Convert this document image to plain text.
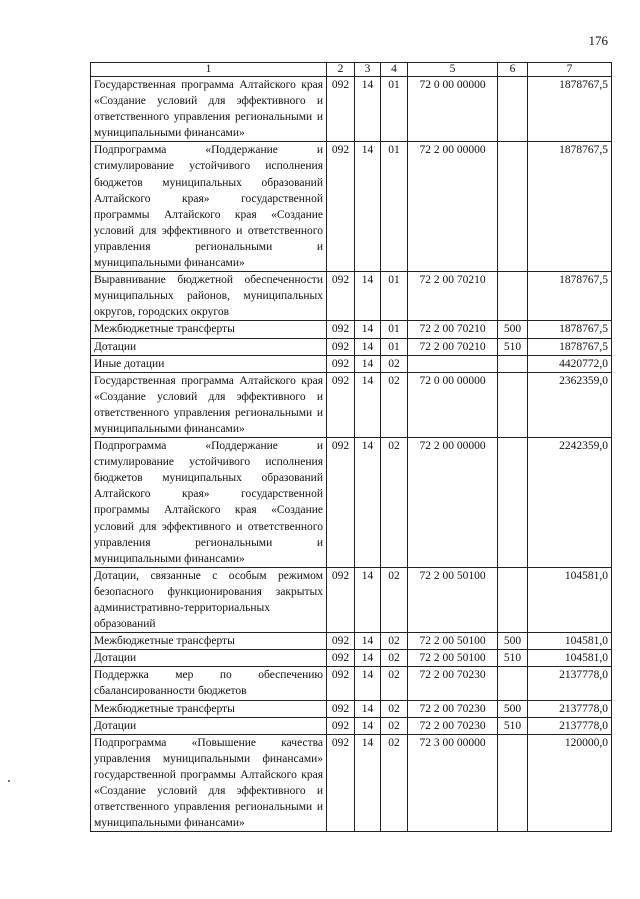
176
1	2	3	4	5	6	7
Государственная программа Алтайского края «Создание условий для эффективного и ответственного управления региональными и муниципальными финансами»	092	14	01	72 0 00 00000		1878767,5
Подпрограмма «Поддержание и стимулирование устойчивого исполнения бюджетов муниципальных образований Алтайского края» государственной программы Алтайского края «Создание условий для эффективного и ответственного управления региональными и муниципальными финансами»	092	14	01	72 2 00 00000		1878767,5
Выравнивание бюджетной обеспеченности муниципальных районов, муниципальных округов, городских округов	092	14	01	72 2 00 70210		1878767,5
Межбюджетные трансферты	092	14	01	72 2 00 70210	500	1878767,5
Дотации	092	14	01	72 2 00 70210	510	1878767,5
Иные дотации	092	14	02			4420772,0
Государственная программа Алтайского края «Создание условий для эффективного и ответственного управления региональными и муниципальными финансами»	092	14	02	72 0 00 00000		2362359,0
Подпрограмма «Поддержание и стимулирование устойчивого исполнения бюджетов муниципальных образований Алтайского края» государственной программы Алтайского края «Создание условий для эффективного и ответственного управления региональными и муниципальными финансами»	092	14	02	72 2 00 00000		2242359,0
Дотации, связанные с особым режимом безопасного функционирования закрытых административно-территориальных образований	092	14	02	72 2 00 50100		104581,0
Межбюджетные трансферты	092	14	02	72 2 00 50100	500	104581,0
Дотации	092	14	02	72 2 00 50100	510	104581,0
Поддержка мер по обеспечению сбалансированности бюджетов	092	14	02	72 2 00 70230		2137778,0
Межбюджетные трансферты	092	14	02	72 2 00 70230	500	2137778,0
Дотации	092	14	02	72 2 00 70230	510	2137778,0
Подпрограмма «Повышение качества управления муниципальными финансами» государственной программы Алтайского края «Создание условий для эффективного и ответственного управления региональными и муниципальными финансами»	092	14	02	72 3 00 00000		120000,0
